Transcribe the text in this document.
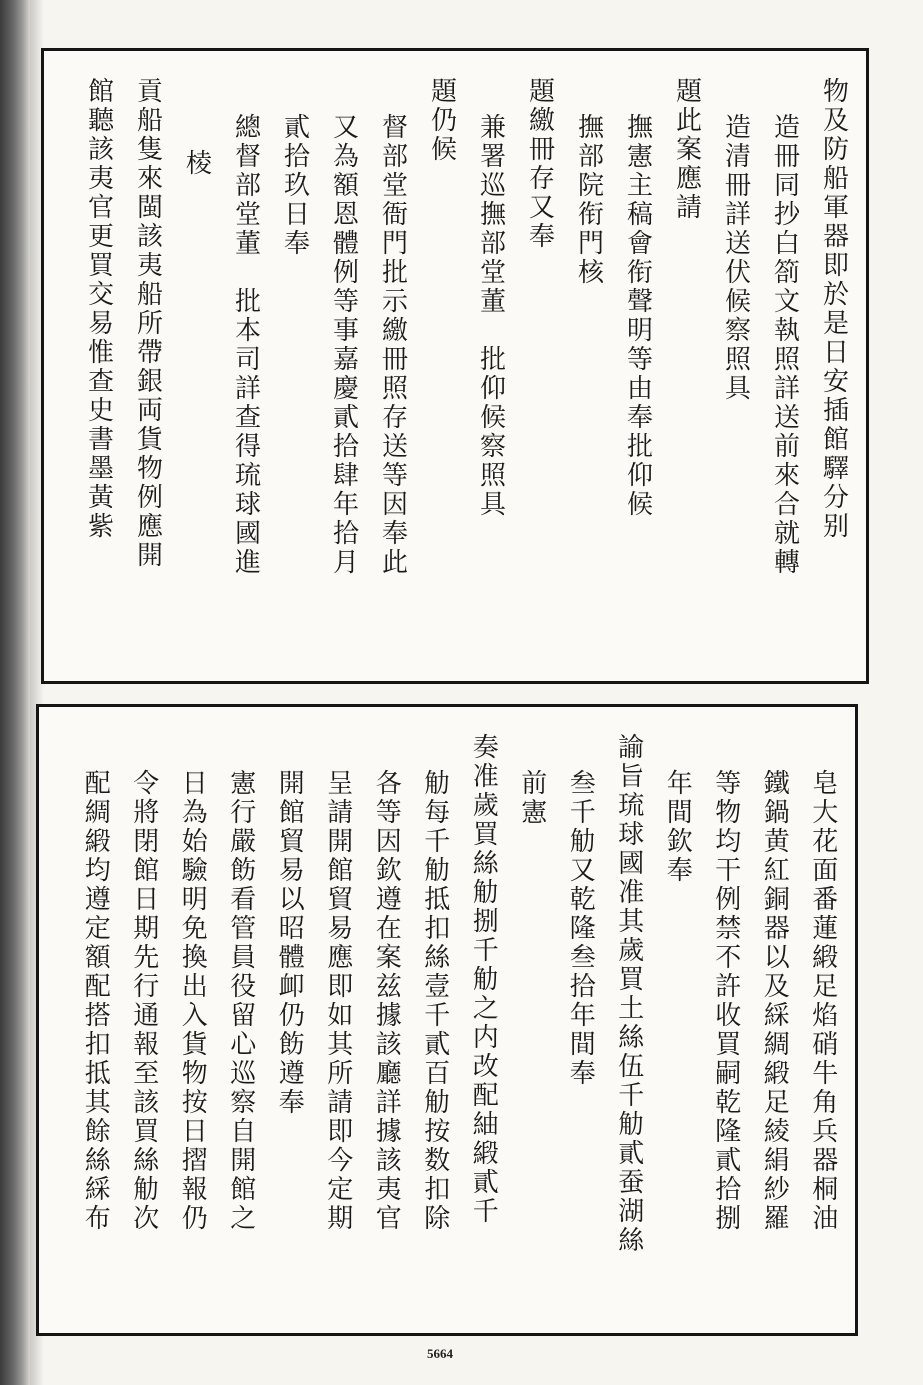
物及防船軍器即於是日安插館驛分别
造冊同抄白箚文執照詳送前來合就轉
造清冊詳送伏候察照具
題此案應請
撫憲主稿會衔聲明等由奉批仰候
撫部院衔門核
題繳冊存又奉
兼署巡撫部堂董　批仰候察照具
題仍候
督部堂衙門批示繳冊照存送等因奉此
又為額恩體例等事嘉慶貳拾肆年拾月
貳拾玖日奉
總督部堂董　批本司詳查得琉球國進
棱
貢船隻來閩該夷船所帶銀両貨物例應開
館聽該夷官更買交易惟查史書墨黃紫
皂大花面番蓮緞足焰硝牛角兵器桐油
鐵鍋黄紅銅器以及綵綢緞足綾絹紗羅
等物均干例禁不許收買嗣乾隆貳拾捌
年間欽奉
諭旨琉球國准其歲買土絲伍千觔貳蚕湖絲
叁千觔又乾隆叁拾年間奉
前憲
奏准歲買絲觔捌千觔之内改配紬緞貳千
觔每千觔抵扣絲壹千貳百觔按数扣除
各等因欽遵在案兹據該廳詳據該夷官
呈請開館貿易應即如其所請即今定期
開館貿易以昭體卹仍飭遵奉
憲行嚴飭看管員役留心巡察自開館之
日為始驗明免換出入貨物按日摺報仍
令將閉館日期先行通報至該買絲觔次
配綢緞均遵定額配搭扣抵其餘絲綵布
5664
